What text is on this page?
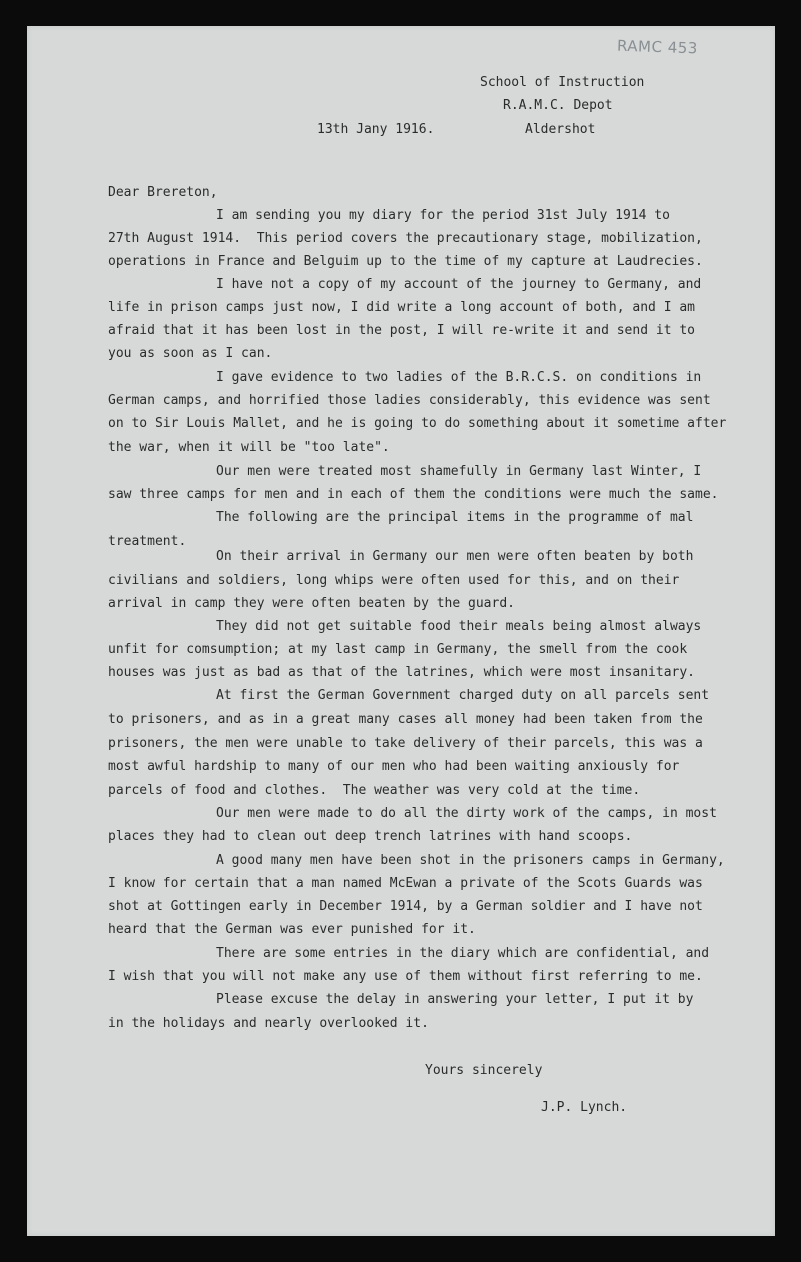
RAMC 453
School of Instruction
R.A.M.C. Depot
13th Jany 1916.	Aldershot
Dear Brereton,
I am sending you my diary for the period 31st July 1914 to
27th August 1914.  This period covers the precautionary stage, mobilization,
operations in France and Belguim up to the time of my capture at Laudrecies.
I have not a copy of my account of the journey to Germany, and
life in prison camps just now, I did write a long account of both, and I am
afraid that it has been lost in the post, I will re-write it and send it to
you as soon as I can.
I gave evidence to two ladies of the B.R.C.S. on conditions in
German camps, and horrified those ladies considerably, this evidence was sent
on to Sir Louis Mallet, and he is going to do something about it sometime after
the war, when it will be "too late".
Our men were treated most shamefully in Germany last Winter, I
saw three camps for men and in each of them the conditions were much the same.
The following are the principal items in the programme of mal
treatment.
On their arrival in Germany our men were often beaten by both
civilians and soldiers, long whips were often used for this, and on their
arrival in camp they were often beaten by the guard.
They did not get suitable food their meals being almost always
unfit for comsumption; at my last camp in Germany, the smell from the cook
houses was just as bad as that of the latrines, which were most insanitary.
At first the German Government charged duty on all parcels sent
to prisoners, and as in a great many cases all money had been taken from the
prisoners, the men were unable to take delivery of their parcels, this was a
most awful hardship to many of our men who had been waiting anxiously for
parcels of food and clothes.  The weather was very cold at the time.
Our men were made to do all the dirty work of the camps, in most
places they had to clean out deep trench latrines with hand scoops.
A good many men have been shot in the prisoners camps in Germany,
I know for certain that a man named McEwan a private of the Scots Guards was
shot at Gottingen early in December 1914, by a German soldier and I have not
heard that the German was ever punished for it.
There are some entries in the diary which are confidential, and
I wish that you will not make any use of them without first referring to me.
Please excuse the delay in answering your letter, I put it by
in the holidays and nearly overlooked it.
Yours sincerely
J.P. Lynch.
